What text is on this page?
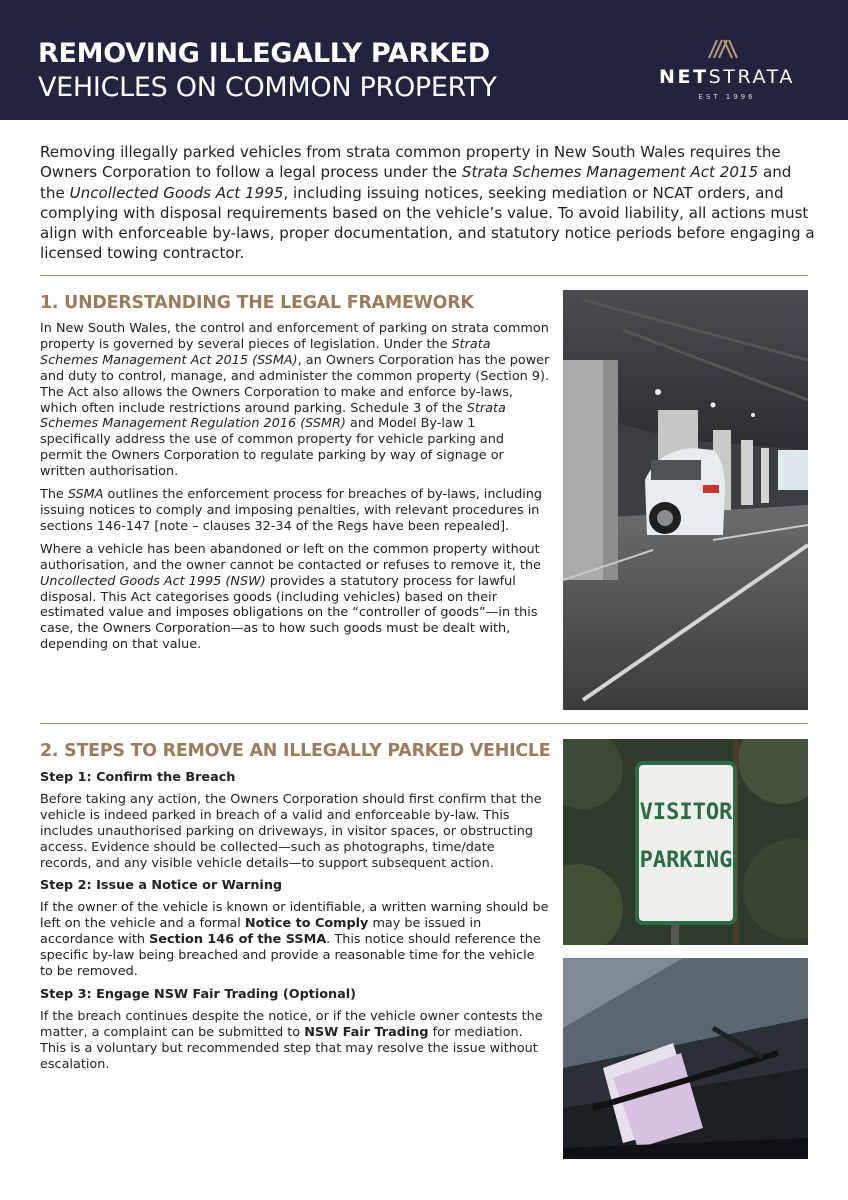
REMOVING ILLEGALLY PARKED
VEHICLES ON COMMON PROPERTY	NETSTRATA
EST 1996
Removing illegally parked vehicles from strata common property in New South Wales requires the Owners Corporation to follow a legal process under the Strata Schemes Management Act 2015 and the Uncollected Goods Act 1995, including issuing notices, seeking mediation or NCAT orders, and complying with disposal requirements based on the vehicle’s value. To avoid liability, all actions must align with enforceable by-laws, proper documentation, and statutory notice periods before engaging a licensed towing contractor.
1. UNDERSTANDING THE LEGAL FRAMEWORK

In New South Wales, the control and enforcement of parking on strata common property is governed by several pieces of legislation. Under the Strata Schemes Management Act 2015 (SSMA), an Owners Corporation has the power and duty to control, manage, and administer the common property (Section 9). The Act also allows the Owners Corporation to make and enforce by-laws, which often include restrictions around parking. Schedule 3 of the Strata Schemes Management Regulation 2016 (SSMR) and Model By-law 1 specifically address the use of common property for vehicle parking and permit the Owners Corporation to regulate parking by way of signage or written authorisation.

The SSMA outlines the enforcement process for breaches of by-laws, including issuing notices to comply and imposing penalties, with relevant procedures in sections 146-147 [note – clauses 32-34 of the Regs have been repealed].

Where a vehicle has been abandoned or left on the common property without authorisation, and the owner cannot be contacted or refuses to remove it, the Uncollected Goods Act 1995 (NSW) provides a statutory process for lawful disposal. This Act categorises goods (including vehicles) based on their estimated value and imposes obligations on the “controller of goods”—in this case, the Owners Corporation—as to how such goods must be dealt with, depending on that value.

2. STEPS TO REMOVE AN ILLEGALLY PARKED VEHICLE

Step 1: Confirm the Breach

Before taking any action, the Owners Corporation should first confirm that the vehicle is indeed parked in breach of a valid and enforceable by-law. This includes unauthorised parking on driveways, in visitor spaces, or obstructing access. Evidence should be collected—such as photographs, time/date records, and any visible vehicle details—to support subsequent action.

Step 2: Issue a Notice or Warning

If the owner of the vehicle is known or identifiable, a written warning should be left on the vehicle and a formal Notice to Comply may be issued in accordance with Section 146 of the SSMA. This notice should reference the specific by-law being breached and provide a reasonable time for the vehicle to be removed.

Step 3: Engage NSW Fair Trading (Optional)

If the breach continues despite the notice, or if the vehicle owner contests the matter, a complaint can be submitted to NSW Fair Trading for mediation. This is a voluntary but recommended step that may resolve the issue without escalation.

VISITOR
PARKING
